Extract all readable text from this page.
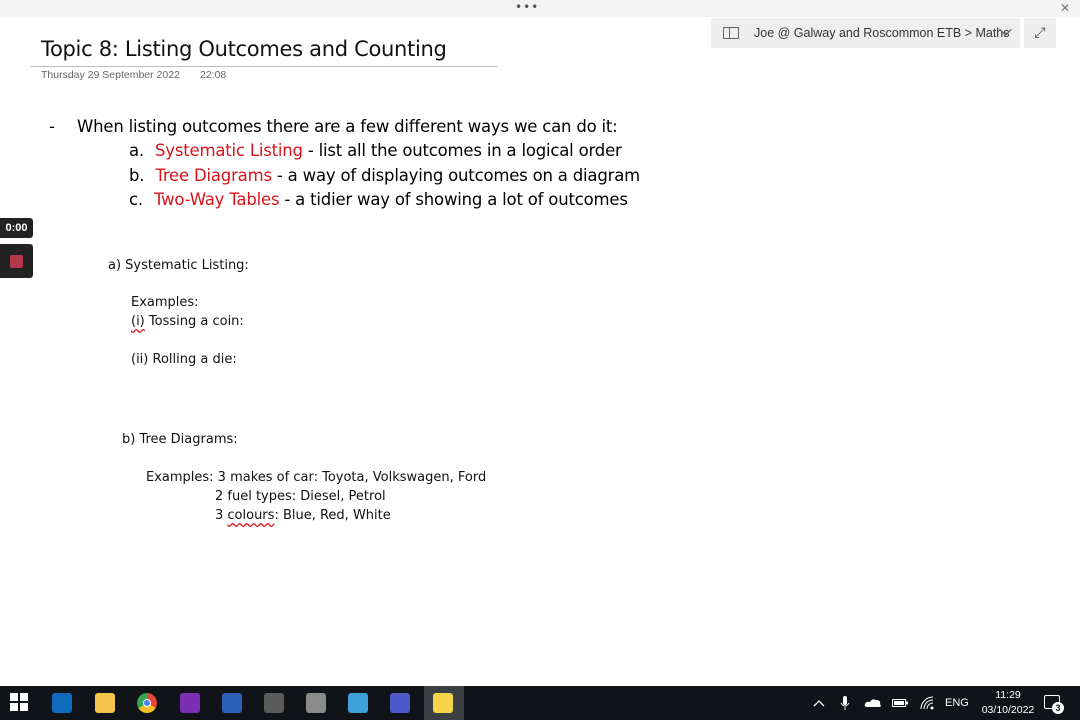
•••	✕
Joe @ Galway and Roscommon ETB > Maths ⤢
Topic 8: Listing Outcomes and Counting
Thursday 29 September 2022 22:08
- When listing outcomes there are a few different ways we can do it:
a. Systematic Listing - list all the outcomes in a logical order
b. Tree Diagrams - a way of displaying outcomes on a diagram
c. Two-Way Tables - a tidier way of showing a lot of outcomes
0:00
a) Systematic Listing:
Examples:
(i) Tossing a coin:
(ii) Rolling a die:
b) Tree Diagrams:
Examples: 3 makes of car: Toyota, Volkswagen, Ford
2 fuel types: Diesel, Petrol
3 colours: Blue, Red, White
ENG
11:29
03/10/2022	3
